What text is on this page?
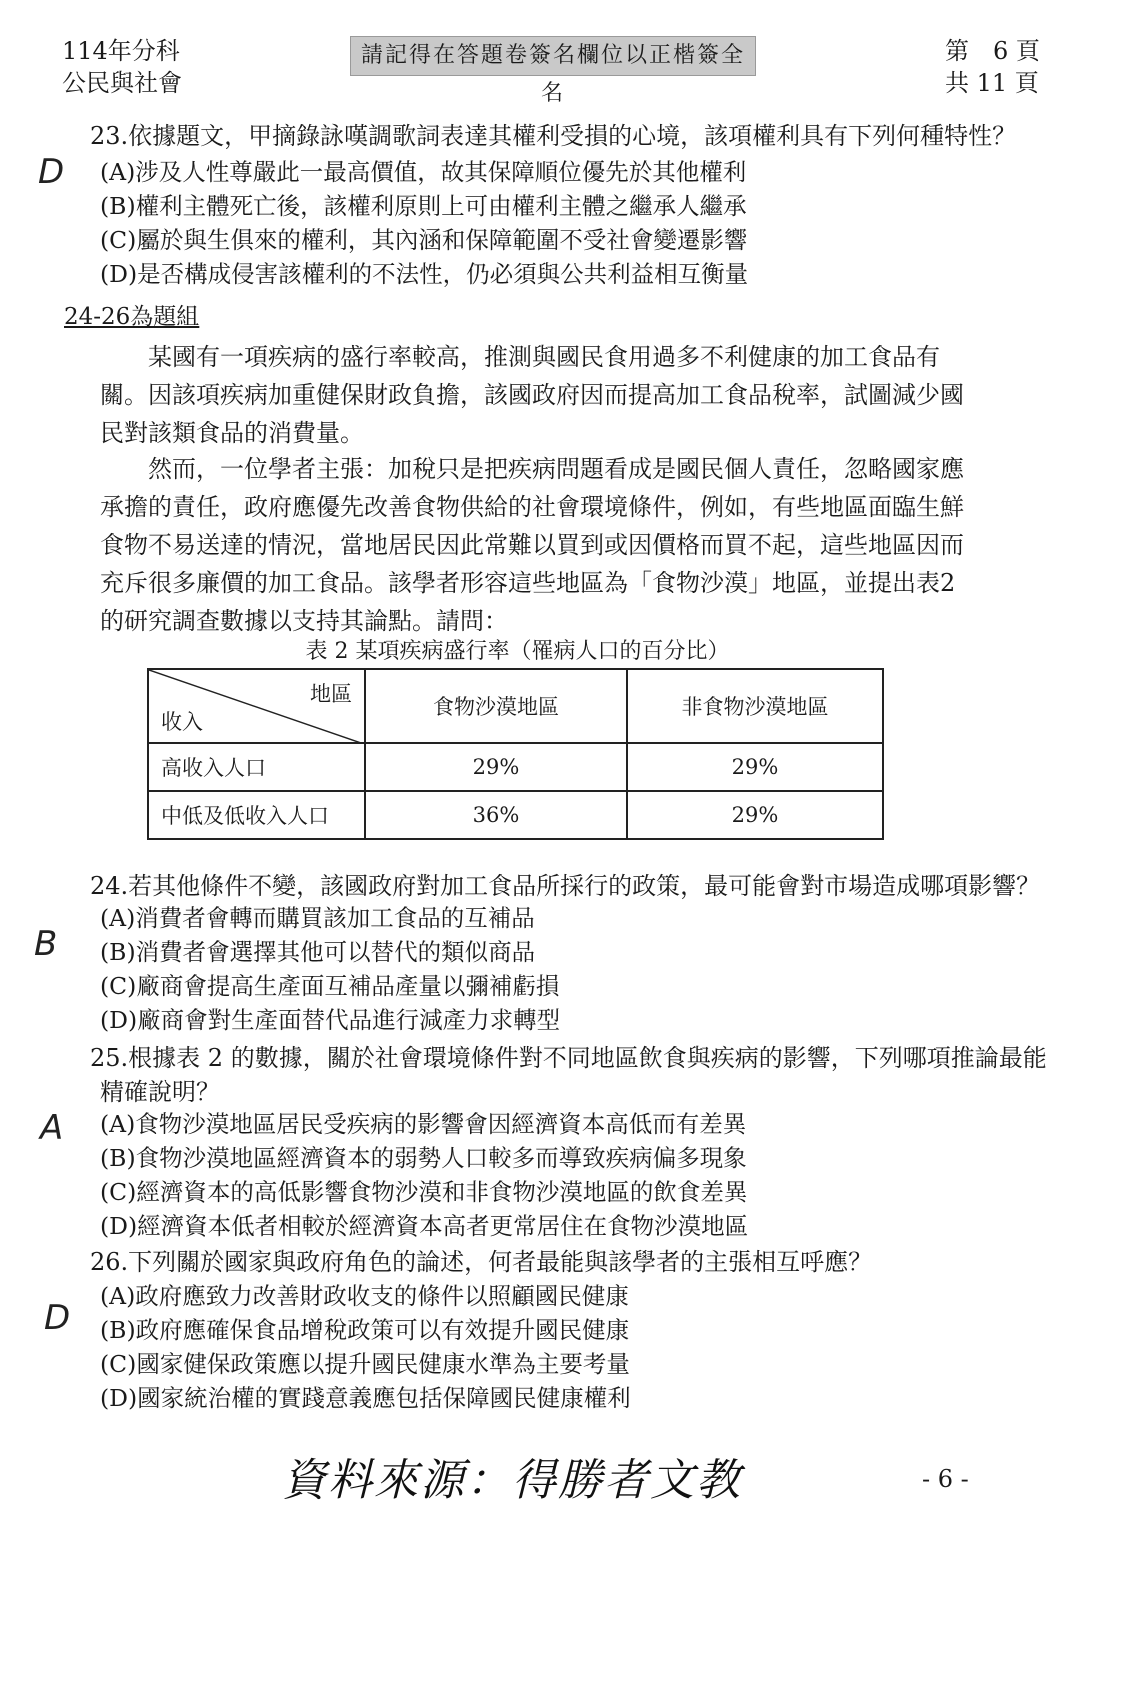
114年分科
公民與社會
請記得在答題卷簽名欄位以正楷簽全名
第　6 頁
共 11 頁
23.依據題文，甲摘錄詠嘆調歌詞表達其權利受損的心境，該項權利具有下列何種特性？
D (A)涉及人性尊嚴此一最高價值，故其保障順位優先於其他權利
(B)權利主體死亡後，該權利原則上可由權利主體之繼承人繼承
(C)屬於與生俱來的權利，其內涵和保障範圍不受社會變遷影響
(D)是否構成侵害該權利的不法性，仍必須與公共利益相互衡量
24-26為題組
某國有一項疾病的盛行率較高，推測與國民食用過多不利健康的加工食品有關。因該項疾病加重健保財政負擔，該國政府因而提高加工食品稅率，試圖減少國民對該類食品的消費量。
然而，一位學者主張：加稅只是把疾病問題看成是國民個人責任，忽略國家應承擔的責任，政府應優先改善食物供給的社會環境條件，例如，有些地區面臨生鮮食物不易送達的情況，當地居民因此常難以買到或因價格而買不起，這些地區因而充斥很多廉價的加工食品。該學者形容這些地區為「食物沙漠」地區，並提出表2的研究調查數據以支持其論點。請問：
表 2 某項疾病盛行率（罹病人口的百分比）
地區
收入	食物沙漠地區	非食物沙漠地區
高收入人口	29%	29%
中低及低收入人口	36%	29%
24.若其他條件不變，該國政府對加工食品所採行的政策，最可能會對市場造成哪項影響？
B
(A)消費者會轉而購買該加工食品的互補品
(B)消費者會選擇其他可以替代的類似商品
(C)廠商會提高生產面互補品產量以彌補虧損
(D)廠商會對生產面替代品進行減產力求轉型
25.根據表 2 的數據，關於社會環境條件對不同地區飲食與疾病的影響，下列哪項推論最能
精確說明？
A (A)食物沙漠地區居民受疾病的影響會因經濟資本高低而有差異
(B)食物沙漠地區經濟資本的弱勢人口較多而導致疾病偏多現象
(C)經濟資本的高低影響食物沙漠和非食物沙漠地區的飲食差異
(D)經濟資本低者相較於經濟資本高者更常居住在食物沙漠地區
26.下列關於國家與政府角色的論述，何者最能與該學者的主張相互呼應？
D
(A)政府應致力改善財政收支的條件以照顧國民健康
(B)政府應確保食品增稅政策可以有效提升國民健康
(C)國家健保政策應以提升國民健康水準為主要考量
(D)國家統治權的實踐意義應包括保障國民健康權利
資料來源：得勝者文教	- 6 -
